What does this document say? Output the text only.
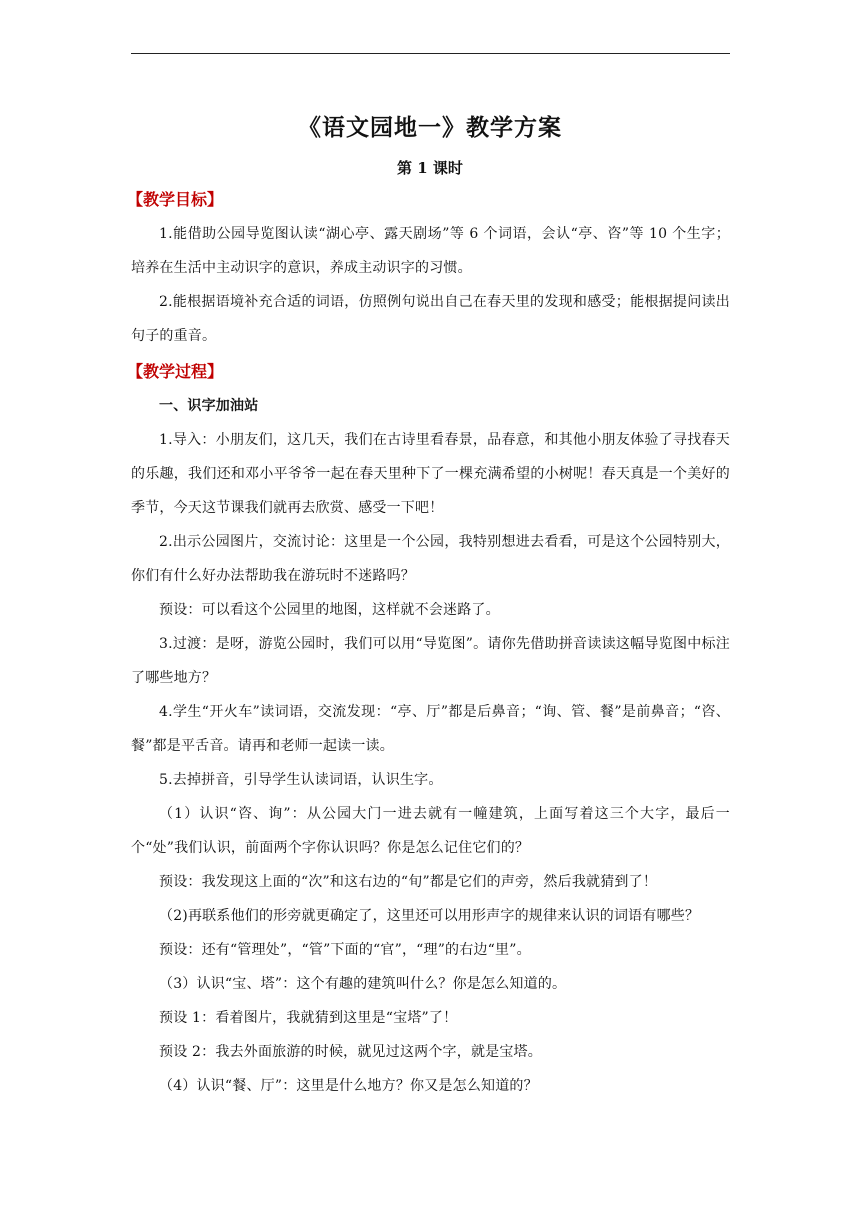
《语文园地一》教学方案
第 1 课时
【教学目标】

1.能借助公园导览图认读“湖心亭、露天剧场”等 6 个词语，会认“亭、咨”等 10 个生字；培养在生活中主动识字的意识，养成主动识字的习惯。

2.能根据语境补充合适的词语，仿照例句说出自己在春天里的发现和感受；能根据提问读出句子的重音。

【教学过程】

一、识字加油站

1.导入：小朋友们，这几天，我们在古诗里看春景，品春意，和其他小朋友体验了寻找春天的乐趣，我们还和邓小平爷爷一起在春天里种下了一棵充满希望的小树呢！春天真是一个美好的季节，今天这节课我们就再去欣赏、感受一下吧！

2.出示公园图片，交流讨论：这里是一个公园，我特别想进去看看，可是这个公园特别大，你们有什么好办法帮助我在游玩时不迷路吗？

预设：可以看这个公园里的地图，这样就不会迷路了。

3.过渡：是呀，游览公园时，我们可以用“导览图”。请你先借助拼音读读这幅导览图中标注了哪些地方？

4.学生“开火车”读词语，交流发现：“亭、厅”都是后鼻音；“询、管、餐”是前鼻音；“咨、餐”都是平舌音。请再和老师一起读一读。

5.去掉拼音，引导学生认读词语，认识生字。

（1）认识“咨、询”：从公园大门一进去就有一幢建筑，上面写着这三个大字，最后一个“处”我们认识，前面两个字你认识吗？你是怎么记住它们的？

预设：我发现这上面的“次”和这右边的“旬”都是它们的声旁，然后我就猜到了！

（2)再联系他们的形旁就更确定了，这里还可以用形声字的规律来认识的词语有哪些？

预设：还有“管理处”，“管”下面的“官”，“理”的右边“里”。

（3）认识“宝、塔”：这个有趣的建筑叫什么？你是怎么知道的。

预设 1：看着图片，我就猜到这里是“宝塔”了！

预设 2：我去外面旅游的时候，就见过这两个字，就是宝塔。

（4）认识“餐、厅”：这里是什么地方？你又是怎么知道的？
